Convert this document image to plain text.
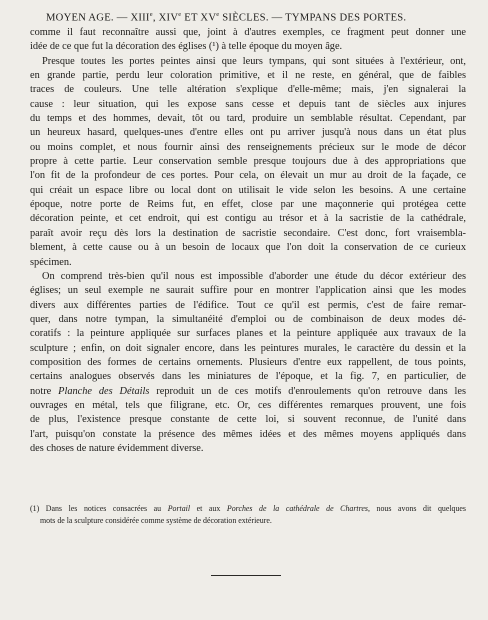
MOYEN AGE. — XIIIe, XIVe ET XVe SIÈCLES. — TYMPANS DES PORTES.
comme il faut reconnaître aussi que, joint à d'autres exemples, ce fragment peut donner une
idée de ce que fut la décoration des églises (¹) à telle époque du moyen âge.
Presque toutes les portes peintes ainsi que leurs tympans, qui sont situées à l'extérieur, ont,
en grande partie, perdu leur coloration primitive, et il ne reste, en général, que de faibles
traces de couleurs. Une telle altération s'explique d'elle-même; mais, j'en signalerai la
cause : leur situation, qui les expose sans cesse et depuis tant de siècles aux injures
du temps et des hommes, devait, tôt ou tard, produire un semblable résultat. Cependant, par
un heureux hasard, quelques-unes d'entre elles ont pu arriver jusqu'à nous dans un état plus
ou moins complet, et nous fournir ainsi des renseignements précieux sur le mode de décor
propre à cette partie. Leur conservation semble presque toujours due à des appropriations que
l'on fit de la profondeur de ces portes. Pour cela, on élevait un mur au droit de la façade, ce
qui créait un espace libre ou local dont on utilisait le vide selon les besoins. A une certaine
époque, notre porte de Reims fut, en effet, close par une maçonnerie qui protégea cette
décoration peinte, et cet endroit, qui est contigu au trésor et à la sacristie de la cathédrale,
paraît avoir reçu dès lors la destination de sacristie secondaire. C'est donc, fort vraisembla-
blement, à cette cause ou à un besoin de locaux que l'on doit la conservation de ce curieux
spécimen.
On comprend très-bien qu'il nous est impossible d'aborder une étude du décor extérieur des
églises; un seul exemple ne saurait suffire pour en montrer l'application ainsi que les modes
divers aux différentes parties de l'édifice. Tout ce qu'il est permis, c'est de faire remar-
quer, dans notre tympan, la simultanéité d'emploi ou de combinaison de deux modes dé-
coratifs : la peinture appliquée sur surfaces planes et la peinture appliquée aux travaux de la
sculpture ; enfin, on doit signaler encore, dans les peintures murales, le caractère du dessin et la
composition des formes de certains ornements. Plusieurs d'entre eux rappellent, de tous points,
certains analogues observés dans les miniatures de l'époque, et la fig. 7, en particulier, de
notre Planche des Détails reproduit un de ces motifs d'enroulements qu'on retrouve dans les
ouvrages en métal, tels que filigrane, etc. Or, ces différentes remarques prouvent, une fois
de plus, l'existence presque constante de cette loi, si souvent reconnue, de l'unité dans
l'art, puisqu'on constate la présence des mêmes idées et des mêmes moyens appliqués dans
des choses de nature évidemment diverse.
(1) Dans les notices consacrées au Portail et aux Porches de la cathédrale de Chartres, nous avons dit quelques
mots de la sculpture considérée comme système de décoration extérieure.
